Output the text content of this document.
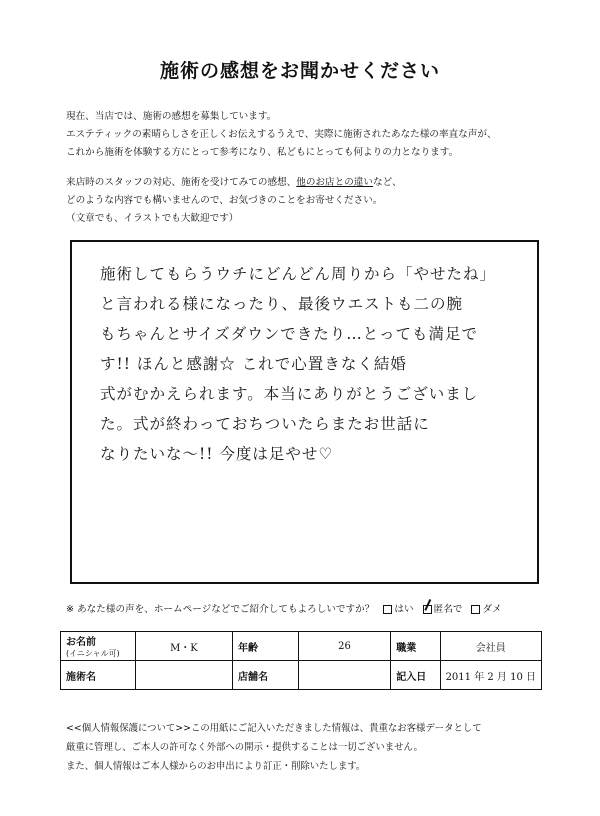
施術の感想をお聞かせください
現在、当店では、施術の感想を募集しています。
エステティックの素晴らしさを正しくお伝えするうえで、実際に施術されたあなた様の率直な声が、
これから施術を体験する方にとって参考になり、私どもにとっても何よりの力となります。
来店時のスタッフの対応、施術を受けてみての感想、他のお店との違いなど、
どのような内容でも構いませんので、お気づきのことをお寄せください。
（文章でも、イラストでも大歓迎です）
施術してもらうウチにどんどん周りから「やせたね」
と言われる様になったり、最後ウエストも二の腕
もちゃんとサイズダウンできたり…とっても満足で
す!! ほんと感謝☆ これで心置きなく結婚
式がむかえられます。本当にありがとうございまし
た。式が終わっておちついたらまたお世話に
なりたいな〜!! 今度は足やせ♡
※ あなた様の声を、ホームページなどでご紹介してもよろしいですか？ はい 匿名で ダメ
お名前
(イニシャル可)	M・K	年齢	26	職業	会社員
施術名		店舗名		記入日	2011 年 2 月 10 日
<<個人情報保護について>>この用紙にご記入いただきました情報は、貴重なお客様データとして
厳重に管理し、ご本人の許可なく外部への開示・提供することは一切ございません。
また、個人情報はご本人様からのお申出により訂正・削除いたします。
